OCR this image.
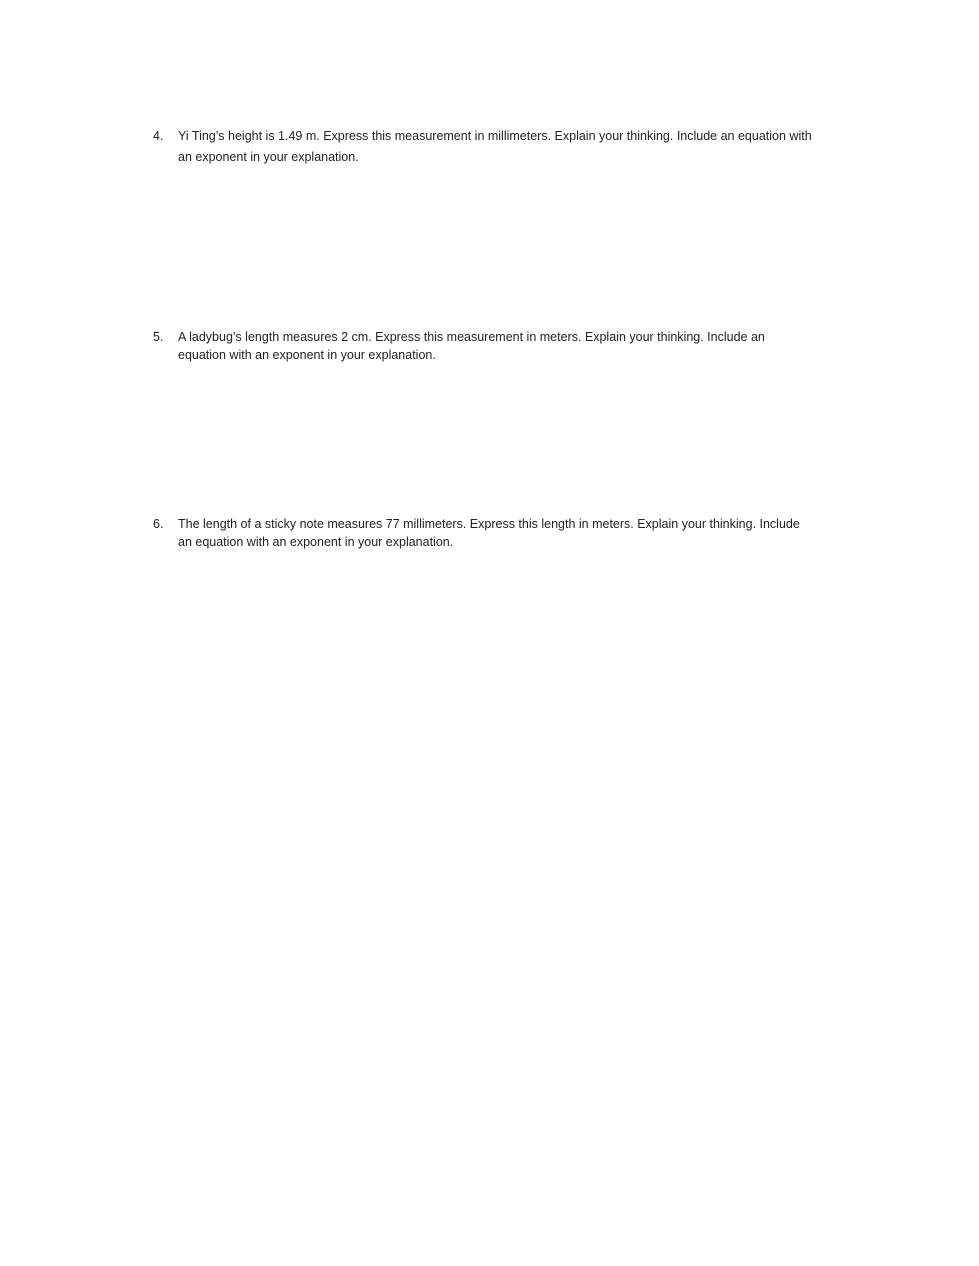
4.	Yi Ting’s height is 1.49 m. Express this measurement in millimeters. Explain your thinking. Include an equation with an exponent in your explanation.
5.	A ladybug’s length measures 2 cm. Express this measurement in meters. Explain your thinking. Include an equation with an exponent in your explanation.
6.	The length of a sticky note measures 77 millimeters. Express this length in meters. Explain your thinking. Include an equation with an exponent in your explanation.
